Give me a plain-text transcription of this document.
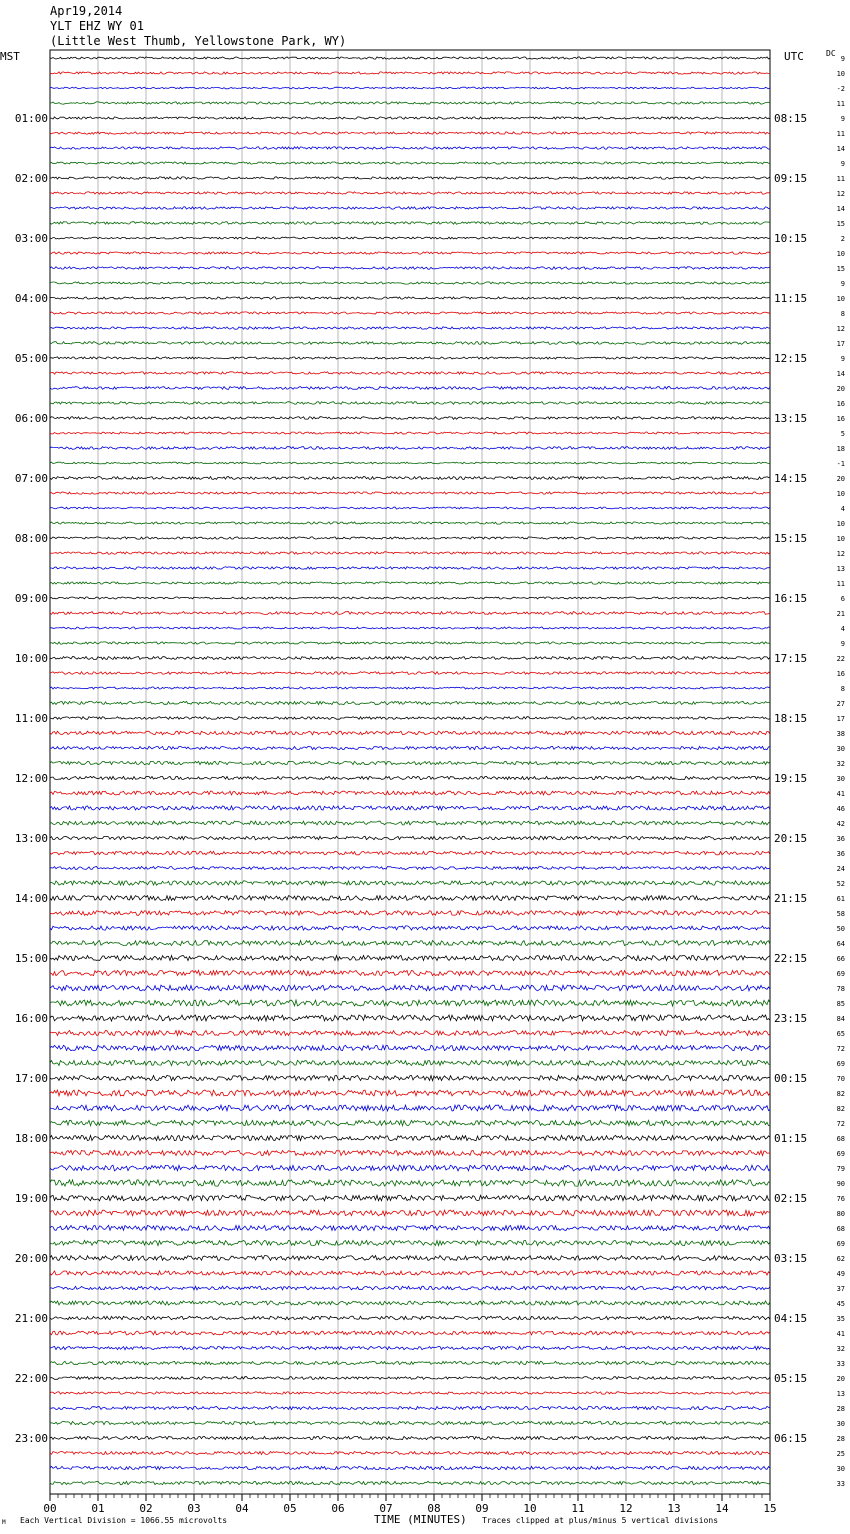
Apr19,2014
YLT EHZ WY 01
(Little West Thumb, Yellowstone Park, WY)
MST	UTC	DC
01:00
02:00
03:00
04:00
05:00
06:00
07:00
08:00
09:00
10:00
11:00
12:00
13:00
14:00
15:00
16:00
17:00
18:00
19:00
20:00
21:00
22:00
23:00
08:15
09:15
10:15
11:15
12:15
13:15
14:15
15:15
16:15
17:15
18:15
19:15
20:15
21:15
22:15
23:15
00:15
01:15
02:15
03:15
04:15
05:15
06:15
9
10
-2
11
9
11
14
9
11
12
14
15
2
10
15
9
10
8
12
17
9
14
20
16
16
5
18
-1
20
10
4
10
10
12
13
11
6
21
4
9
22
16
8
27
17
38
30
32
30
41
46
42
36
36
24
52
61
58
50
64
66
69
78
85
84
65
72
69
70
82
82
72
68
69
79
90
76
80
68
69
62
49
37
45
35
41
32
33
20
13
28
30
28
25
30
33
00	01	02	03	04	05	06	07	08	09	10	11	12	13	14	15
M Each Vertical Division = 1066.55 microvolts	TIME (MINUTES) Traces clipped at plus/minus 5 vertical divisions
